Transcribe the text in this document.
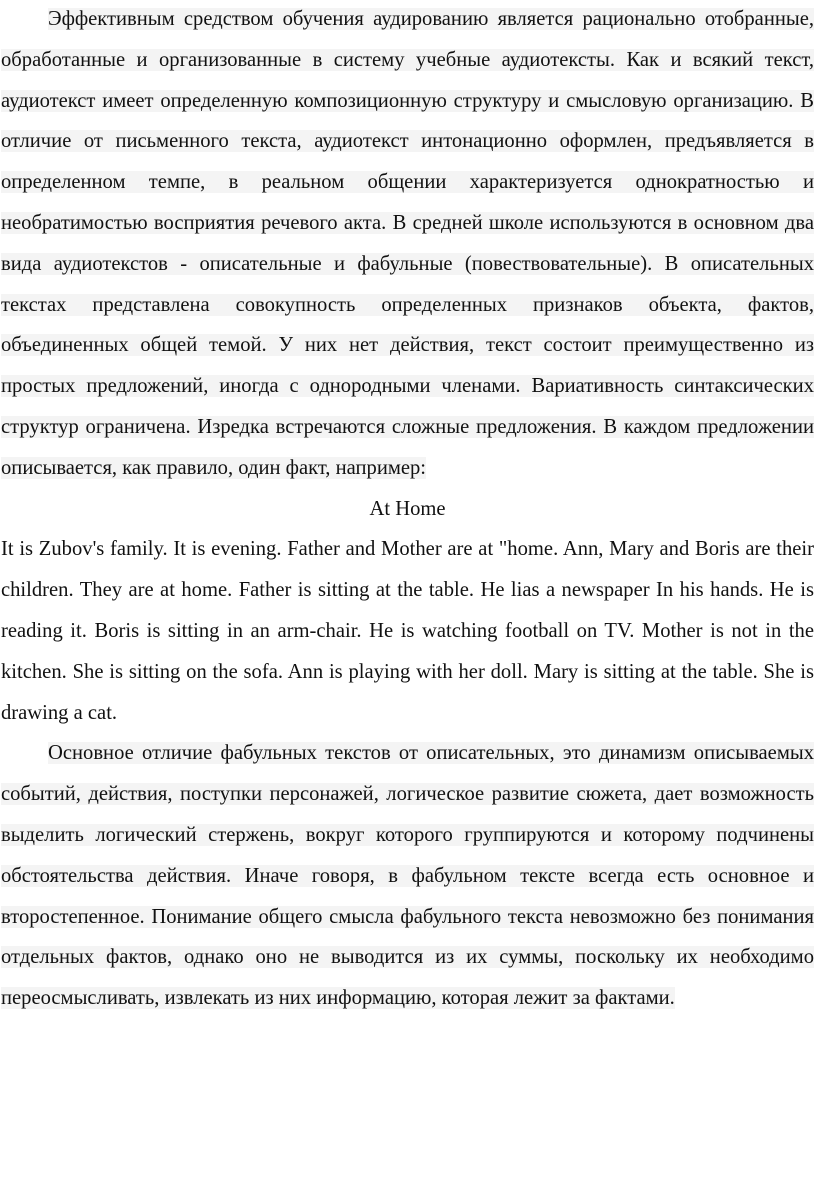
Эффективным средством обучения аудированию является рационально отобранные, обработанные и организованные в систему учебные аудиотексты. Как и всякий текст, аудиотекст имеет определенную композиционную структуру и смысловую организацию. В отличие от письменного текста, аудиотекст интонационно оформлен, предъявляется в определенном темпе, в реальном общении характеризуется однократностью и необратимостью восприятия речевого акта. В средней школе используются в основном два вида аудиотекстов - описательные и фабульные (повествовательные). В описательных текстах представлена совокупность определенных признаков объекта, фактов, объединенных общей темой. У них нет действия, текст состоит преимущественно из простых предложений, иногда с однородными членами. Вариативность синтаксических структур ограничена. Изредка встречаются сложные предложения. В каждом предложении описывается, как правило, один факт, например:

At Home

It is Zubov's family. It is evening. Father and Mother are at "home. Ann, Mary and Boris are their children. They are at home. Father is sitting at the table. He lias a newspaper In his hands. He is reading it. Boris is sitting in an arm-chair. He is watching football on TV. Mother is not in the kitchen. She is sitting on the sofa. Ann is playing with her doll. Mary is sitting at the table. She is drawing a cat.

Основное отличие фабульных текстов от описательных, это динамизм описываемых событий, действия, поступки персонажей, логическое развитие сюжета, дает возможность выделить логический стержень, вокруг которого группируются и которому подчинены обстоятельства действия. Иначе говоря, в фабульном тексте всегда есть основное и второстепенное. Понимание общего смысла фабульного текста невозможно без понимания отдельных фактов, однако оно не выводится из их суммы, поскольку их необходимо переосмысливать, извлекать из них информацию, которая лежит за фактами.
